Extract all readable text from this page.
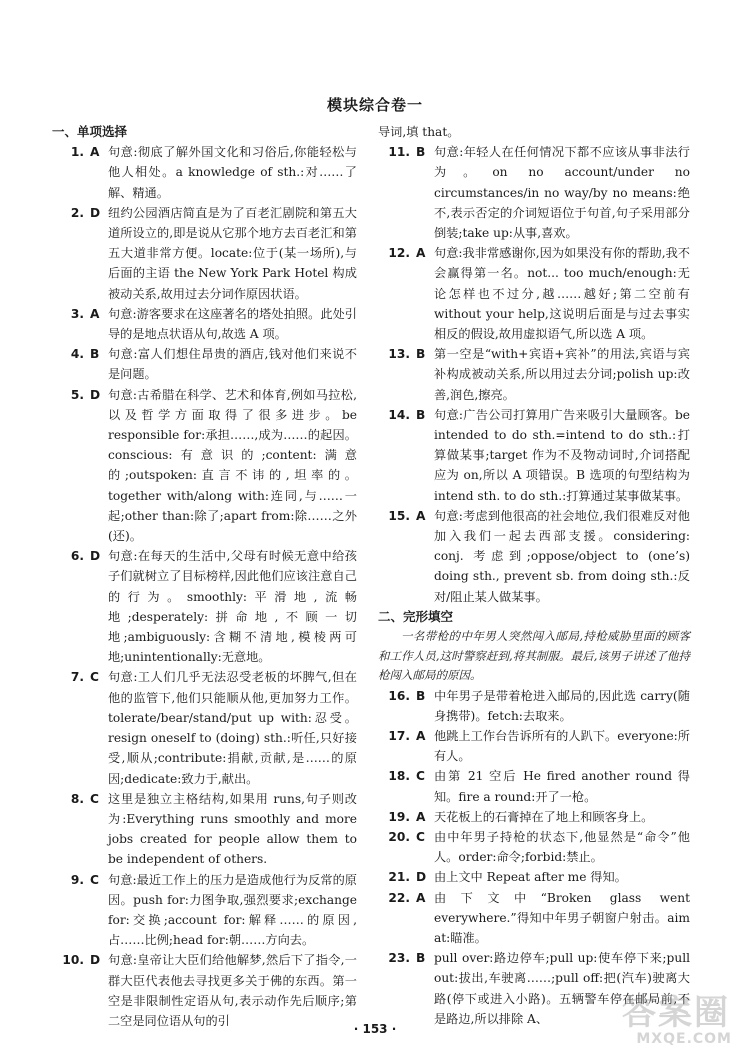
模块综合卷一
一、单项选择
1. A 句意:彻底了解外国文化和习俗后,你能轻松与他人相处。a knowledge of sth.:对……了解、精通。
2. D 纽约公园酒店简直是为了百老汇剧院和第五大道所设立的,即是说从它那个地方去百老汇和第五大道非常方便。locate:位于(某一场所),与后面的主语 the New York Park Hotel 构成被动关系,故用过去分词作原因状语。
3. A 句意:游客要求在这座著名的塔处拍照。此处引导的是地点状语从句,故选 A 项。
4. B 句意:富人们想住昂贵的酒店,钱对他们来说不是问题。
5. D 句意:古希腊在科学、艺术和体育,例如马拉松,以及哲学方面取得了很多进步。be responsible for:承担……,成为……的起因。conscious:有意识的;content:满意的;outspoken:直言不讳的,坦率的。together with/along with:连同,与……一起;other than:除了;apart from:除……之外(还)。
6. D 句意:在每天的生活中,父母有时候无意中给孩子们就树立了目标榜样,因此他们应该注意自己的行为。smoothly:平滑地,流畅地;desperately:拼命地,不顾一切地;ambiguously:含糊不清地,模棱两可地;unintentionally:无意地。
7. C 句意:工人们几乎无法忍受老板的坏脾气,但在他的监管下,他们只能顺从他,更加努力工作。tolerate/bear/stand/put up with:忍受。resign oneself to (doing) sth.:听任,只好接受,顺从;contribute:捐献,贡献,是……的原因;dedicate:致力于,献出。
8. C 这里是独立主格结构,如果用 runs,句子则改为:Everything runs smoothly and more jobs created for people allow them to be independent of others.
9. C 句意:最近工作上的压力是造成他行为反常的原因。push for:力图争取,强烈要求;exchange for:交换;account for:解释……的原因,占……比例;head for:朝……方向去。
10. D 句意:皇帝让大臣们给他解梦,然后下了指令,一群大臣代表他去寻找更多关于佛的东西。第一空是非限制性定语从句,表示动作先后顺序;第二空是同位语从句的引
导词,填 that。
11. B 句意:年轻人在任何情况下都不应该从事非法行为。on no account/under no circumstances/in no way/by no means:绝不,表示否定的介词短语位于句首,句子采用部分倒装;take up:从事,喜欢。
12. A 句意:我非常感谢你,因为如果没有你的帮助,我不会赢得第一名。not... too much/enough:无论怎样也不过分,越……越好;第二空前有 without your help,这说明后面是与过去事实相反的假设,故用虚拟语气,所以选 A 项。
13. B 第一空是“with+宾语+宾补”的用法,宾语与宾补构成被动关系,所以用过去分词;polish up:改善,润色,擦亮。
14. B 句意:广告公司打算用广告来吸引大量顾客。be intended to do sth.=intend to do sth.:打算做某事;target 作为不及物动词时,介词搭配应为 on,所以 A 项错误。B 选项的句型结构为 intend sth. to do sth.:打算通过某事做某事。
15. A 句意:考虑到他很高的社会地位,我们很难反对他加入我们一起去西部支援。considering: conj. 考虑到;oppose/object to (one’s) doing sth., prevent sb. from doing sth.:反对/阻止某人做某事。
二、完形填空
一名带枪的中年男人突然闯入邮局,持枪威胁里面的顾客和工作人员,这时警察赶到,将其制服。最后,该男子讲述了他持枪闯入邮局的原因。
16. B 中年男子是带着枪进入邮局的,因此选 carry(随身携带)。fetch:去取来。
17. A 他跳上工作台告诉所有的人趴下。everyone:所有人。
18. C 由第 21 空后 He fired another round 得知。fire a round:开了一枪。
19. A 天花板上的石膏掉在了地上和顾客身上。
20. C 由中年男子持枪的状态下,他显然是“命令”他人。order:命令;forbid:禁止。
21. D 由上文中 Repeat after me 得知。
22. A 由下文中“Broken glass went everywhere.”得知中年男子朝窗户射击。aim at:瞄准。
23. B pull over:路边停车;pull up:使车停下来;pull out:拔出,车驶离……;pull off:把(汽车)驶离大路(停下或进入小路)。五辆警车停在邮局前,不是路边,所以排除 A、
· 153 ·	答案圈
MXQE.COM
